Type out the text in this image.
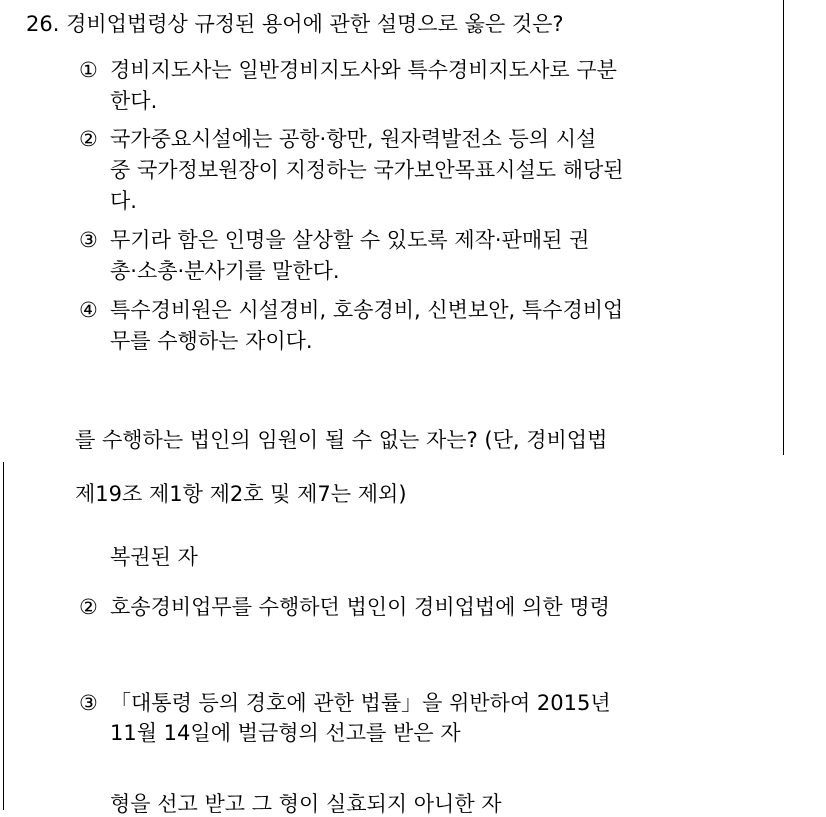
26. 경비업법령상 규정된 용어에 관한 설명으로 옳은 것은?
① 경비지도사는 일반경비지도사와 특수경비지도사로 구분
한다.
② 국가중요시설에는 공항·항만, 원자력발전소 등의 시설
중 국가정보원장이 지정하는 국가보안목표시설도 해당된
다.
③ 무기라 함은 인명을 살상할 수 있도록 제작·판매된 권
총·소총·분사기를 말한다.
④ 특수경비원은 시설경비, 호송경비, 신변보안, 특수경비업
무를 수행하는 자이다.
를 수행하는 법인의 임원이 될 수 없는 자는? (단, 경비업법
제19조 제1항 제2호 및 제7는 제외)
복권된 자
② 호송경비업무를 수행하던 법인이 경비업법에 의한 명령
③ 「대통령 등의 경호에 관한 법률」을 위반하여 2015년
11월 14일에 벌금형의 선고를 받은 자
형을 선고 받고 그 형이 실효되지 아니한 자
